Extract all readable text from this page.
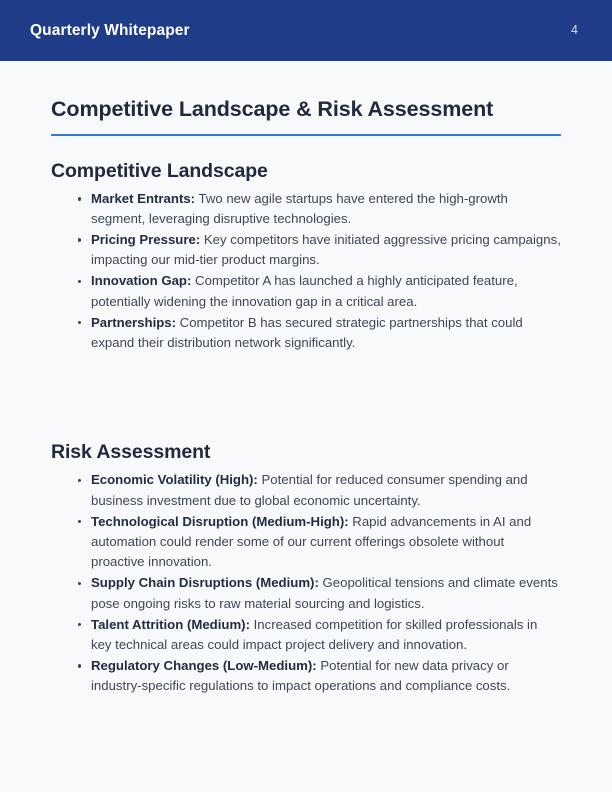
Quarterly Whitepaper	4
Competitive Landscape & Risk Assessment
Competitive Landscape
Market Entrants: Two new agile startups have entered the high-growth segment, leveraging disruptive technologies.
Pricing Pressure: Key competitors have initiated aggressive pricing campaigns, impacting our mid-tier product margins.
Innovation Gap: Competitor A has launched a highly anticipated feature, potentially widening the innovation gap in a critical area.
Partnerships: Competitor B has secured strategic partnerships that could expand their distribution network significantly.
Risk Assessment
Economic Volatility (High): Potential for reduced consumer spending and business investment due to global economic uncertainty.
Technological Disruption (Medium-High): Rapid advancements in AI and automation could render some of our current offerings obsolete without proactive innovation.
Supply Chain Disruptions (Medium): Geopolitical tensions and climate events pose ongoing risks to raw material sourcing and logistics.
Talent Attrition (Medium): Increased competition for skilled professionals in key technical areas could impact project delivery and innovation.
Regulatory Changes (Low-Medium): Potential for new data privacy or industry-specific regulations to impact operations and compliance costs.
